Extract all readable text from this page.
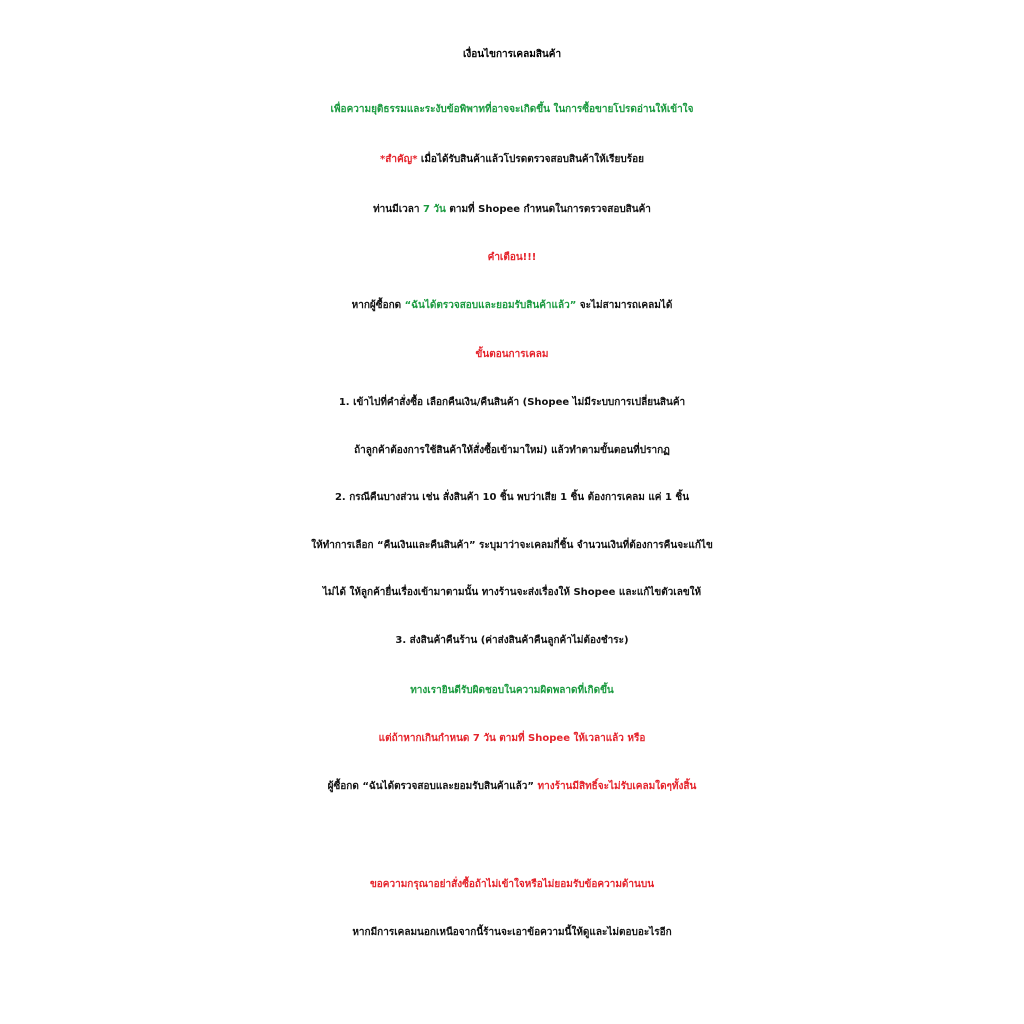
เงื่อนไขการเคลมสินค้า
เพื่อความยุติธรรมและระงับข้อพิพาทที่อาจจะเกิดขึ้น ในการซื้อขายโปรดอ่านให้เข้าใจ
*สำคัญ* เมื่อได้รับสินค้าแล้วโปรดตรวจสอบสินค้าให้เรียบร้อย
ท่านมีเวลา 7 วัน ตามที่ Shopee กำหนดในการตรวจสอบสินค้า
คำเตือน!!!
หากผู้ซื้อกด “ฉันได้ตรวจสอบและยอมรับสินค้าแล้ว” จะไม่สามารถเคลมได้
ขั้นตอนการเคลม
1. เข้าไปที่คำสั่งซื้อ เลือกคืนเงิน/คืนสินค้า (Shopee ไม่มีระบบการเปลี่ยนสินค้า
ถ้าลูกค้าต้องการใช้สินค้าให้สั่งซื้อเข้ามาใหม่) แล้วทำตามขั้นตอนที่ปรากฏ
2. กรณีคืนบางส่วน เช่น สั่งสินค้า 10 ชิ้น พบว่าเสีย 1 ชิ้น ต้องการเคลม แค่ 1 ชิ้น
ให้ทำการเลือก “คืนเงินและคืนสินค้า” ระบุมาว่าจะเคลมกี่ชิ้น จำนวนเงินที่ต้องการคืนจะแก้ไข
ไม่ได้ ให้ลูกค้ายื่นเรื่องเข้ามาตามนั้น ทางร้านจะส่งเรื่องให้ Shopee และแก้ไขตัวเลขให้
3. ส่งสินค้าคืนร้าน (ค่าส่งสินค้าคืนลูกค้าไม่ต้องชำระ)
ทางเรายินดีรับผิดชอบในความผิดพลาดที่เกิดขึ้น
แต่ถ้าหากเกินกำหนด 7 วัน ตามที่ Shopee ให้เวลาแล้ว หรือ
ผู้ซื้อกด “ฉันได้ตรวจสอบและยอมรับสินค้าแล้ว” ทางร้านมีสิทธิ์จะไม่รับเคลมใดๆทั้งสิ้น
ขอความกรุณาอย่าสั่งซื้อถ้าไม่เข้าใจหรือไม่ยอมรับข้อความด้านบน
หากมีการเคลมนอกเหนือจากนี้ร้านจะเอาข้อความนี้ให้ดูและไม่ตอบอะไรอีก
